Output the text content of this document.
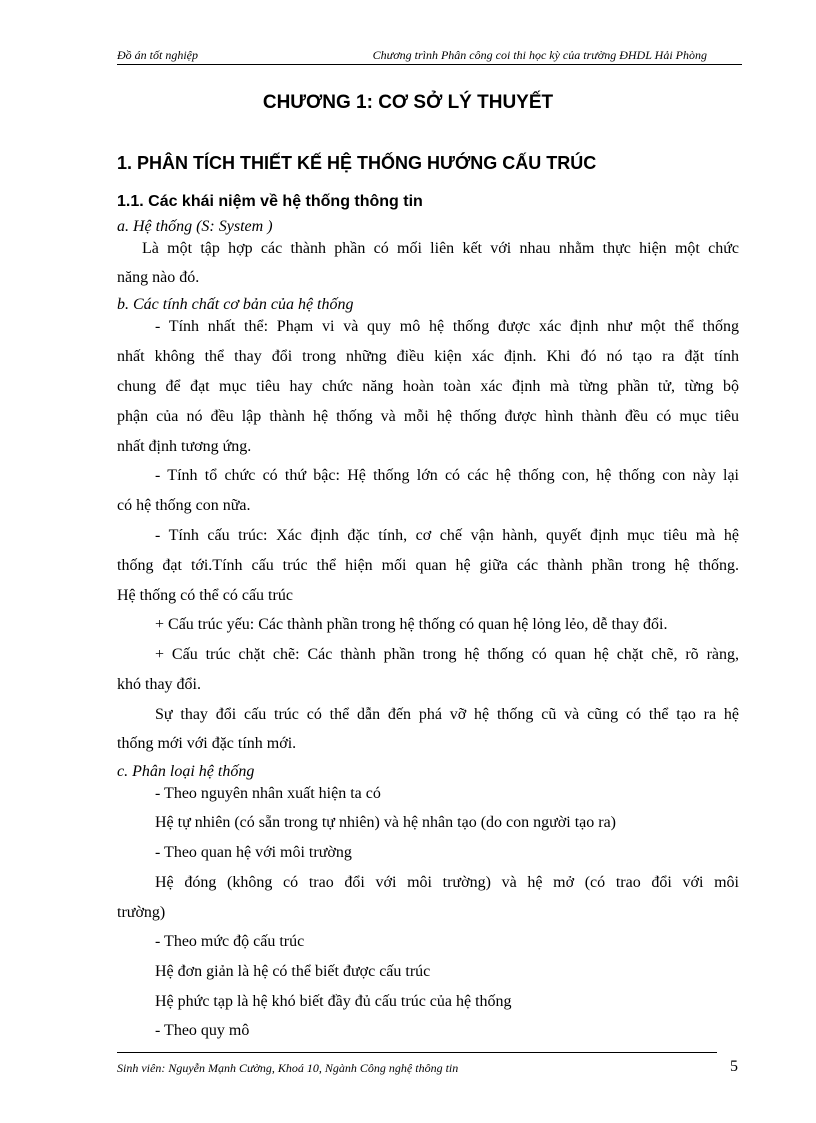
Đồ án tốt nghiệp	Chương trình Phân công coi thi học kỳ của trường ĐHDL Hải Phòng
CHƯƠNG 1: CƠ SỞ LÝ THUYẾT
1. PHÂN TÍCH THIẾT KẾ HỆ THỐNG HƯỚNG CẤU TRÚC
1.1. Các khái niệm về hệ thống thông tin
a. Hệ thống (S: System )
Là một tập hợp các thành phần có mối liên kết với nhau nhằm thực hiện một chức
năng nào đó.
b. Các tính chất cơ bản của hệ thống
- Tính nhất thể: Phạm vi và quy mô hệ thống được xác định như một thể thống
nhất không thể thay đổi trong những điều kiện xác định. Khi đó nó tạo ra đặt tính
chung để đạt mục tiêu hay chức năng hoàn toàn xác định mà từng phần tử, từng bộ
phận của nó đều lập thành hệ thống và mỗi hệ thống được hình thành đều có mục tiêu
nhất định tương ứng.
- Tính tổ chức có thứ bậc: Hệ thống lớn có các hệ thống con, hệ thống con này lại
có hệ thống con nữa.
- Tính cấu trúc: Xác định đặc tính, cơ chế vận hành, quyết định mục tiêu mà hệ
thống đạt tới.Tính cấu trúc thể hiện mối quan hệ giữa các thành phần trong hệ thống.
Hệ thống có thể có cấu trúc
+ Cấu trúc yếu: Các thành phần trong hệ thống có quan hệ lỏng lẻo, dễ thay đổi.
+ Cấu trúc chặt chẽ: Các thành phần trong hệ thống có quan hệ chặt chẽ, rõ ràng,
khó thay đổi.
Sự thay đổi cấu trúc có thể dẫn đến phá vỡ hệ thống cũ và cũng có thể tạo ra hệ
thống mới với đặc tính mới.
c. Phân loại hệ thống
- Theo nguyên nhân xuất hiện ta có
Hệ tự nhiên (có sẵn trong tự nhiên) và hệ nhân tạo (do con người tạo ra)
- Theo quan hệ với môi trường
Hệ đóng (không có trao đổi với môi trường) và hệ mở (có trao đổi với môi
trường)
- Theo mức độ cấu trúc
Hệ đơn giản là hệ có thể biết được cấu trúc
Hệ phức tạp là hệ khó biết đầy đủ cấu trúc của hệ thống
- Theo quy mô
Sinh viên: Nguyễn Mạnh Cường, Khoá 10, Ngành Công nghệ thông tin	5
